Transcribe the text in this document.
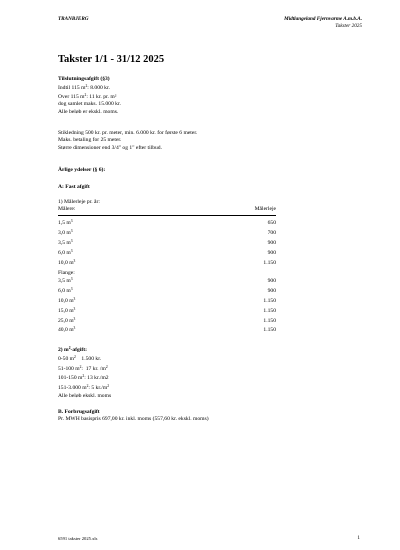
TRANBJERG	Midtlangeland Fjernvarme A.m.b.A.
Takster 2025
Takster 1/1 - 31/12 2025
Tilslutningsafgift (§3)
Indtil 115 $m^2$: 8.000 kr.
Over 115 $m^2$: 11 kr. pr. m²
dog samlet maks. 15.000 kr.
Alle beløb er ekskl. moms.
Stikledning 500 kr. pr. meter, min. 6.000 kr. for første 6 meter.
Maks. betaling for 25 meter.
Større dimensioner end 3/4" og 1" efter tilbud.
Årlige ydelser (§ 6):
A: Fast afgift
1) Målerleje pr. år:
Målere:	Målerleje
1,5 $m^3$	650
3,0 $m^3$	700
3,5 $m^3$	900
6,0 $m^3$	900
10,0 $m^3$	1.150
Flange:
3,5 $m^3$	900
6,0 $m^3$	900
10,0 $m^3$	1.150
15,0 $m^3$	1.150
25,0 $m^3$	1.150
40,0 $m^3$	1.150
2) $m^2$-afgift:
0-50 $m^2$    1.500 kr.
51-100 $m^2$:  17 kr. $/m^2$
101-150 $m^2$: 13 kr./m2
151-3.000 $m^2$: 5 $kr./m^2$
Alle beløb ekskl. moms
B. Forbrugsafgift
Pr. MWH basispris 697,00 kr. inkl. moms (557,60 kr. ekskl. moms)
6591 takster 2025.xls	1
